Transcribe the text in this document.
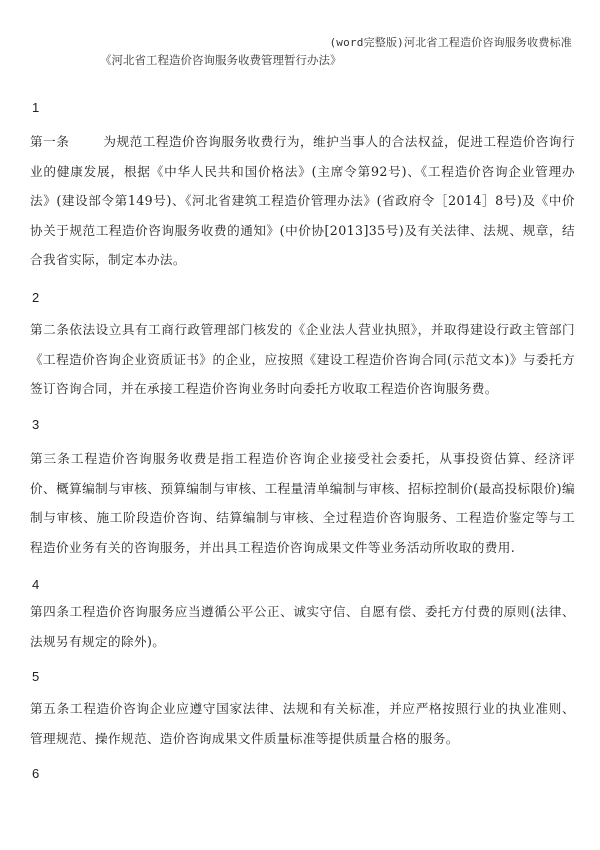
(word完整版)河北省工程造价咨询服务收费标准
《河北省工程造价咨询服务收费管理暂行办法》
1

第一条	为规范工程造价咨询服务收费行为，维护当事人的合法权益，促进工程造价咨询行业的健康发展，根据《中华人民共和国价格法》(主席令第92号)、《工程造价咨询企业管理办法》(建设部令第149号)、《河北省建筑工程造价管理办法》(省政府令［2014］8号)及《中价协关于规范工程造价咨询服务收费的通知》(中价协[2013]35号)及有关法律、法规、规章，结合我省实际，制定本办法。

2

第二条依法设立具有工商行政管理部门核发的《企业法人营业执照》，并取得建设行政主管部门《工程造价咨询企业资质证书》的企业，应按照《建设工程造价咨询合同(示范文本)》与委托方签订咨询合同，并在承接工程造价咨询业务时向委托方收取工程造价咨询服务费。

3

第三条工程造价咨询服务收费是指工程造价咨询企业接受社会委托，从事投资估算、经济评价、概算编制与审核、预算编制与审核、工程量清单编制与审核、招标控制价(最高投标限价)编制与审核、施工阶段造价咨询、结算编制与审核、全过程造价咨询服务、工程造价鉴定等与工程造价业务有关的咨询服务，并出具工程造价咨询成果文件等业务活动所收取的费用.

4

第四条工程造价咨询服务应当遵循公平公正、诚实守信、自愿有偿、委托方付费的原则(法律、法规另有规定的除外)。

5

第五条工程造价咨询企业应遵守国家法律、法规和有关标准，并应严格按照行业的执业准则、管理规范、操作规范、造价咨询成果文件质量标准等提供质量合格的服务。

6
